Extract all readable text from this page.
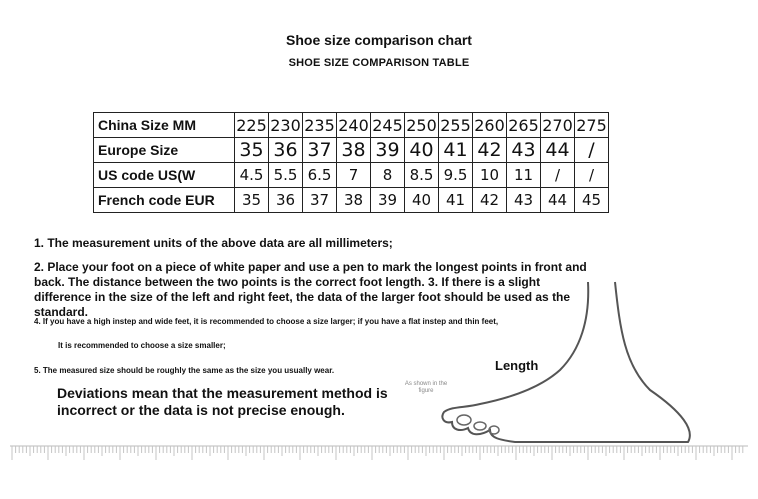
Shoe size comparison chart
SHOE SIZE COMPARISON TABLE
China Size MM	225	230	235	240	245	250	255	260	265	270	275
Europe Size	35	36	37	38	39	40	41	42	43	44	/
US code US(W	4.5	5.5	6.5	7	8	8.5	9.5	10	11	/	/
French code EUR	35	36	37	38	39	40	41	42	43	44	45
1. The measurement units of the above data are all millimeters;
2. Place your foot on a piece of white paper and use a pen to mark the longest points in front and back. The distance between the two points is the correct foot length. 3. If there is a slight difference in the size of the left and right feet, the data of the larger foot should be used as the standard.
4. If you have a high instep and wide feet, it is recommended to choose a size larger; if you have a flat instep and thin feet,
It is recommended to choose a size smaller;
5. The measured size should be roughly the same as the size you usually wear.
Deviations mean that the measurement method is incorrect or the data is not precise enough.
Length
As shown in the figure
